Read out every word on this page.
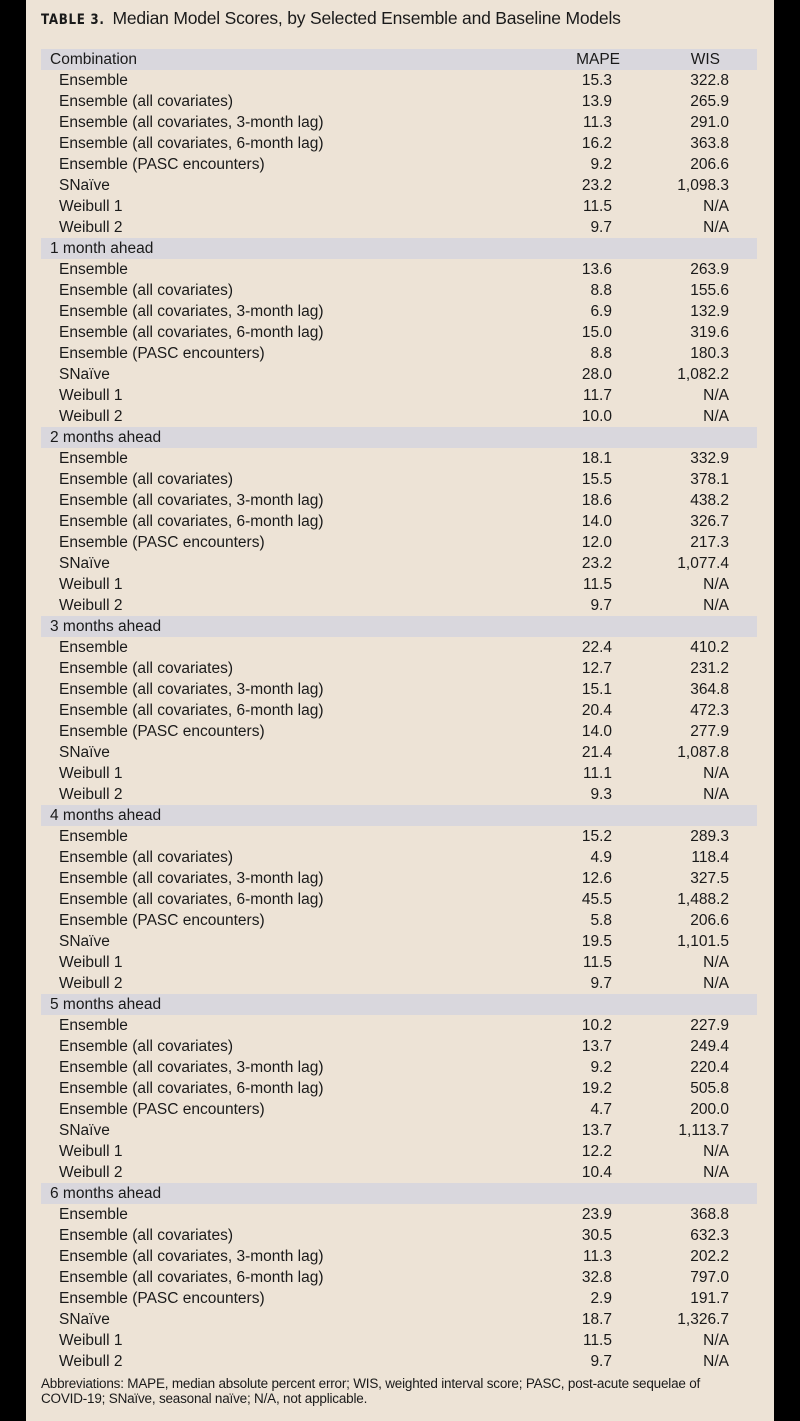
TABLE 3. Median Model Scores, by Selected Ensemble and Baseline Models
Combination	MAPE	WIS
Ensemble	15.3	322.8
Ensemble (all covariates)	13.9	265.9
Ensemble (all covariates, 3-month lag)	11.3	291.0
Ensemble (all covariates, 6-month lag)	16.2	363.8
Ensemble (PASC encounters)	9.2	206.6
SNaïve	23.2	1,098.3
Weibull 1	11.5	N/A
Weibull 2	9.7	N/A
1 month ahead
Ensemble	13.6	263.9
Ensemble (all covariates)	8.8	155.6
Ensemble (all covariates, 3-month lag)	6.9	132.9
Ensemble (all covariates, 6-month lag)	15.0	319.6
Ensemble (PASC encounters)	8.8	180.3
SNaïve	28.0	1,082.2
Weibull 1	11.7	N/A
Weibull 2	10.0	N/A
2 months ahead
Ensemble	18.1	332.9
Ensemble (all covariates)	15.5	378.1
Ensemble (all covariates, 3-month lag)	18.6	438.2
Ensemble (all covariates, 6-month lag)	14.0	326.7
Ensemble (PASC encounters)	12.0	217.3
SNaïve	23.2	1,077.4
Weibull 1	11.5	N/A
Weibull 2	9.7	N/A
3 months ahead
Ensemble	22.4	410.2
Ensemble (all covariates)	12.7	231.2
Ensemble (all covariates, 3-month lag)	15.1	364.8
Ensemble (all covariates, 6-month lag)	20.4	472.3
Ensemble (PASC encounters)	14.0	277.9
SNaïve	21.4	1,087.8
Weibull 1	11.1	N/A
Weibull 2	9.3	N/A
4 months ahead
Ensemble	15.2	289.3
Ensemble (all covariates)	4.9	118.4
Ensemble (all covariates, 3-month lag)	12.6	327.5
Ensemble (all covariates, 6-month lag)	45.5	1,488.2
Ensemble (PASC encounters)	5.8	206.6
SNaïve	19.5	1,101.5
Weibull 1	11.5	N/A
Weibull 2	9.7	N/A
5 months ahead
Ensemble	10.2	227.9
Ensemble (all covariates)	13.7	249.4
Ensemble (all covariates, 3-month lag)	9.2	220.4
Ensemble (all covariates, 6-month lag)	19.2	505.8
Ensemble (PASC encounters)	4.7	200.0
SNaïve	13.7	1,113.7
Weibull 1	12.2	N/A
Weibull 2	10.4	N/A
6 months ahead
Ensemble	23.9	368.8
Ensemble (all covariates)	30.5	632.3
Ensemble (all covariates, 3-month lag)	11.3	202.2
Ensemble (all covariates, 6-month lag)	32.8	797.0
Ensemble (PASC encounters)	2.9	191.7
SNaïve	18.7	1,326.7
Weibull 1	11.5	N/A
Weibull 2	9.7	N/A
Abbreviations: MAPE, median absolute percent error; WIS, weighted interval score; PASC, post-acute sequelae of COVID-19; SNaïve, seasonal naïve; N/A, not applicable.
